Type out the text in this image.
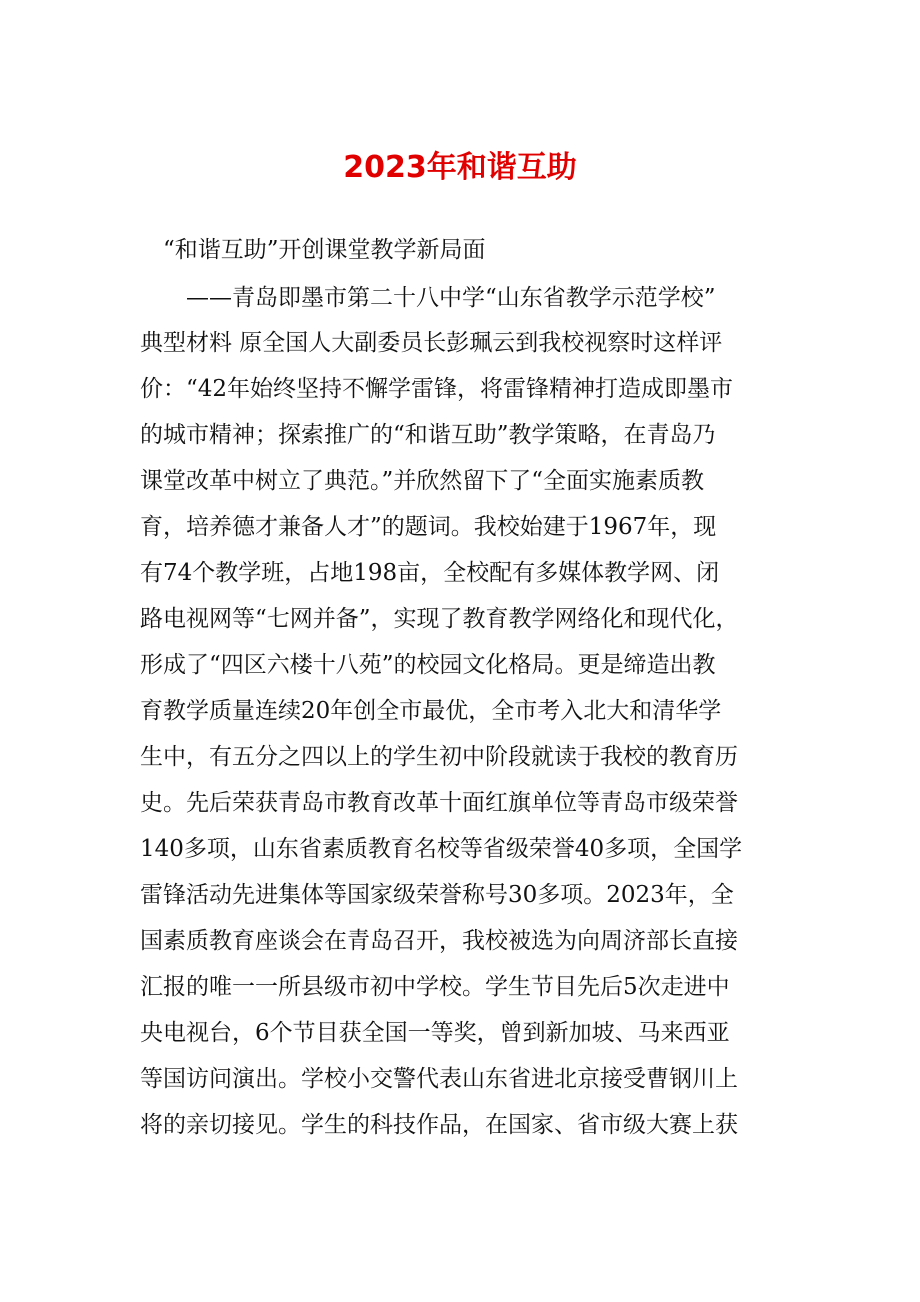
2023年和谐互助
　“和谐互助”开创课堂教学新局面
　　——青岛即墨市第二十八中学“山东省教学示范学校”
典型材料 原全国人大副委员长彭珮云到我校视察时这样评
价：“42年始终坚持不懈学雷锋，将雷锋精神打造成即墨市
的城市精神；探索推广的“和谐互助”教学策略，在青岛乃
课堂改革中树立了典范。”并欣然留下了“全面实施素质教
育，培养德才兼备人才”的题词。我校始建于1967年，现
有74个教学班，占地198亩，全校配有多媒体教学网、闭
路电视网等“七网并备”，实现了教育教学网络化和现代化，
形成了“四区六楼十八苑”的校园文化格局。更是缔造出教
育教学质量连续20年创全市最优，全市考入北大和清华学
生中，有五分之四以上的学生初中阶段就读于我校的教育历
史。先后荣获青岛市教育改革十面红旗单位等青岛市级荣誉
140多项，山东省素质教育名校等省级荣誉40多项，全国学
雷锋活动先进集体等国家级荣誉称号30多项。2023年，全
国素质教育座谈会在青岛召开，我校被选为向周济部长直接
汇报的唯一一所县级市初中学校。学生节目先后5次走进中
央电视台，6个节目获全国一等奖，曾到新加坡、马来西亚
等国访问演出。学校小交警代表山东省进北京接受曹钢川上
将的亲切接见。学生的科技作品，在国家、省市级大赛上获
